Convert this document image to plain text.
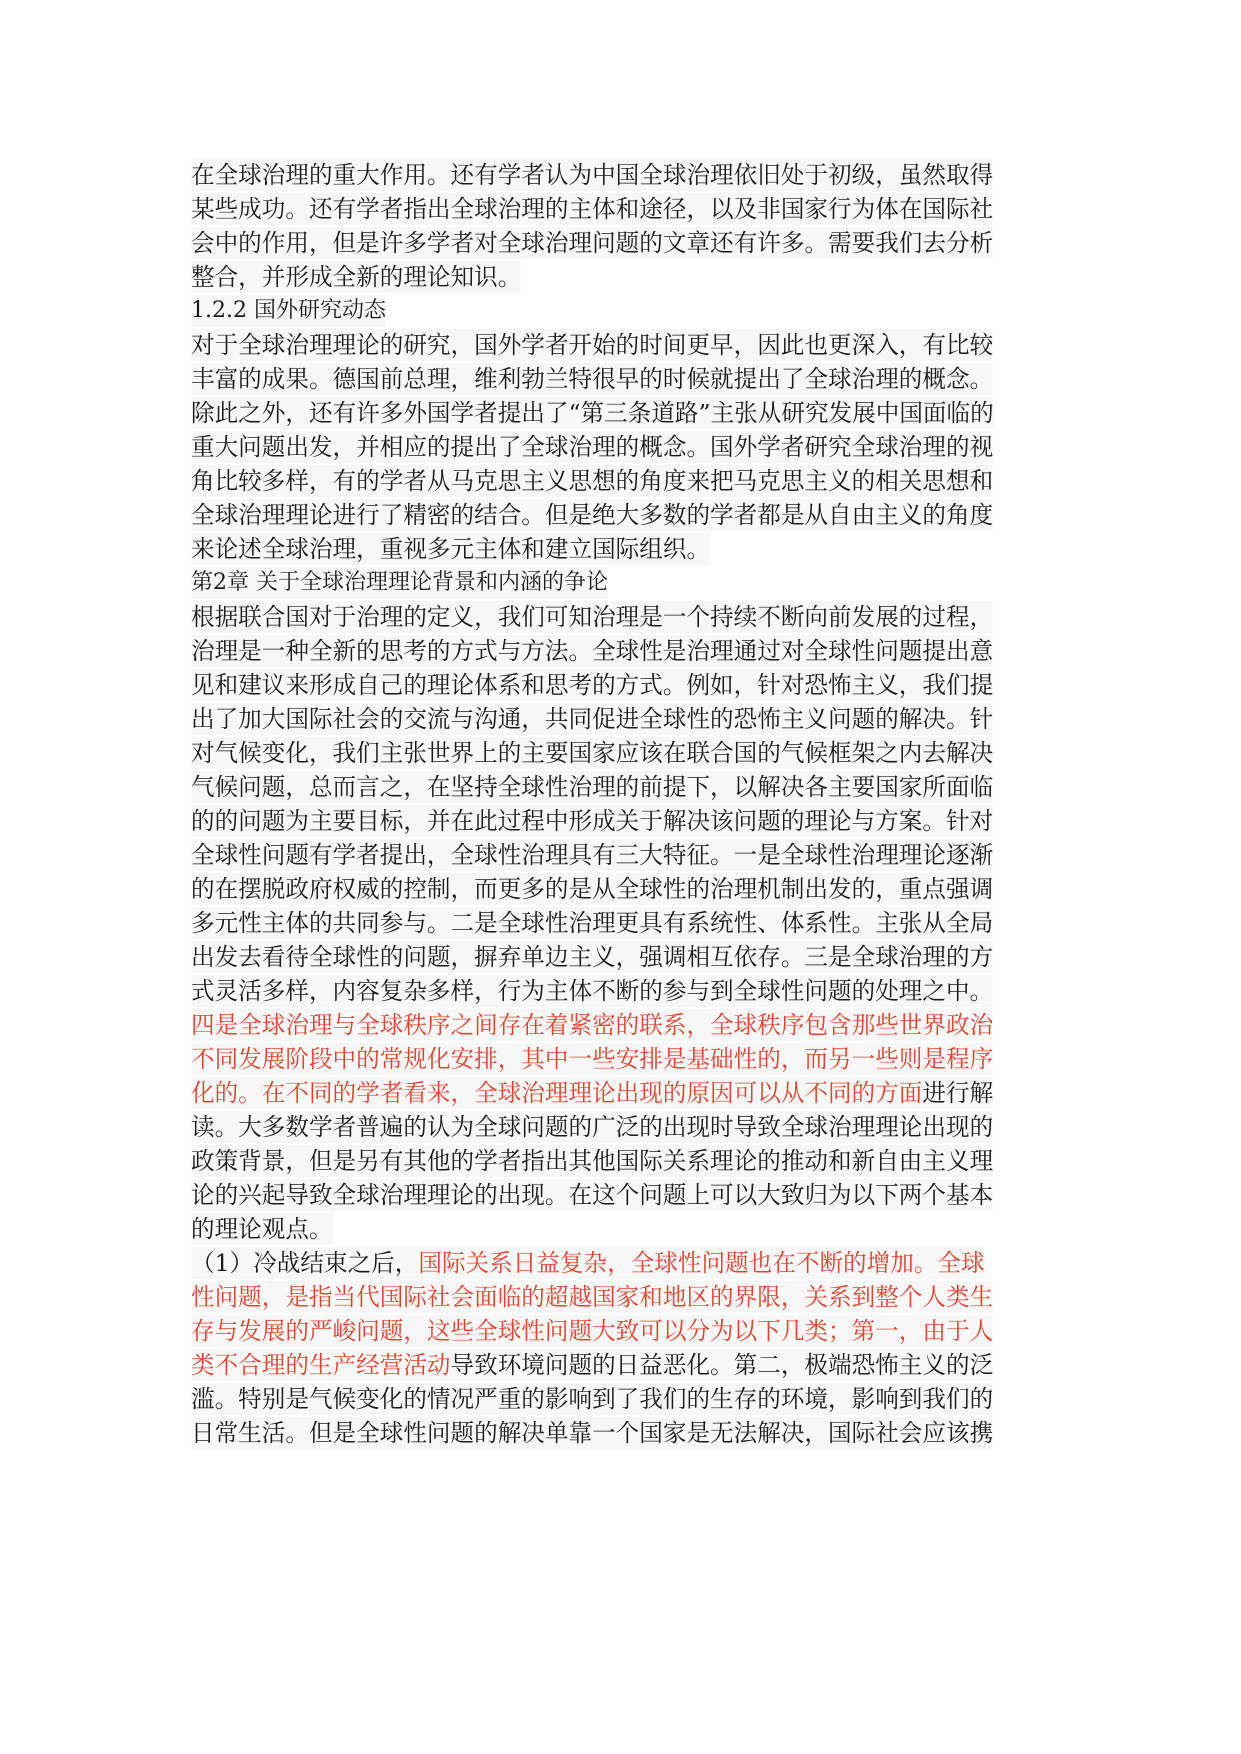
在全球治理的重大作用。还有学者认为中国全球治理依旧处于初级，虽然取得
某些成功。还有学者指出全球治理的主体和途径，以及非国家行为体在国际社
会中的作用，但是许多学者对全球治理问题的文章还有许多。需要我们去分析
整合，并形成全新的理论知识。
1.2.2 国外研究动态
对于全球治理理论的研究，国外学者开始的时间更早，因此也更深入，有比较
丰富的成果。德国前总理，维利勃兰特很早的时候就提出了全球治理的概念。
除此之外，还有许多外国学者提出了“第三条道路”主张从研究发展中国面临的
重大问题出发，并相应的提出了全球治理的概念。国外学者研究全球治理的视
角比较多样，有的学者从马克思主义思想的角度来把马克思主义的相关思想和
全球治理理论进行了精密的结合。但是绝大多数的学者都是从自由主义的角度
来论述全球治理，重视多元主体和建立国际组织。
第2章 关于全球治理理论背景和内涵的争论
根据联合国对于治理的定义，我们可知治理是一个持续不断向前发展的过程，
治理是一种全新的思考的方式与方法。全球性是治理通过对全球性问题提出意
见和建议来形成自己的理论体系和思考的方式。例如，针对恐怖主义，我们提
出了加大国际社会的交流与沟通，共同促进全球性的恐怖主义问题的解决。针
对气候变化，我们主张世界上的主要国家应该在联合国的气候框架之内去解决
气候问题，总而言之，在坚持全球性治理的前提下，以解决各主要国家所面临
的的问题为主要目标，并在此过程中形成关于解决该问题的理论与方案。针对
全球性问题有学者提出，全球性治理具有三大特征。一是全球性治理理论逐渐
的在摆脱政府权威的控制，而更多的是从全球性的治理机制出发的，重点强调
多元性主体的共同参与。二是全球性治理更具有系统性、体系性。主张从全局
出发去看待全球性的问题，摒弃单边主义，强调相互依存。三是全球治理的方
式灵活多样，内容复杂多样，行为主体不断的参与到全球性问题的处理之中。
四是全球治理与全球秩序之间存在着紧密的联系，全球秩序包含那些世界政治
不同发展阶段中的常规化安排，其中一些安排是基础性的，而另一些则是程序
化的。在不同的学者看来，全球治理理论出现的原因可以从不同的方面进行解
读。大多数学者普遍的认为全球问题的广泛的出现时导致全球治理理论出现的
政策背景，但是另有其他的学者指出其他国际关系理论的推动和新自由主义理
论的兴起导致全球治理理论的出现。在这个问题上可以大致归为以下两个基本
的理论观点。
（1）冷战结束之后，国际关系日益复杂，全球性问题也在不断的增加。全球
性问题，是指当代国际社会面临的超越国家和地区的界限，关系到整个人类生
存与发展的严峻问题，这些全球性问题大致可以分为以下几类；第一，由于人
类不合理的生产经营活动导致环境问题的日益恶化。第二，极端恐怖主义的泛
滥。特别是气候变化的情况严重的影响到了我们的生存的环境，影响到我们的
日常生活。但是全球性问题的解决单靠一个国家是无法解决，国际社会应该携
